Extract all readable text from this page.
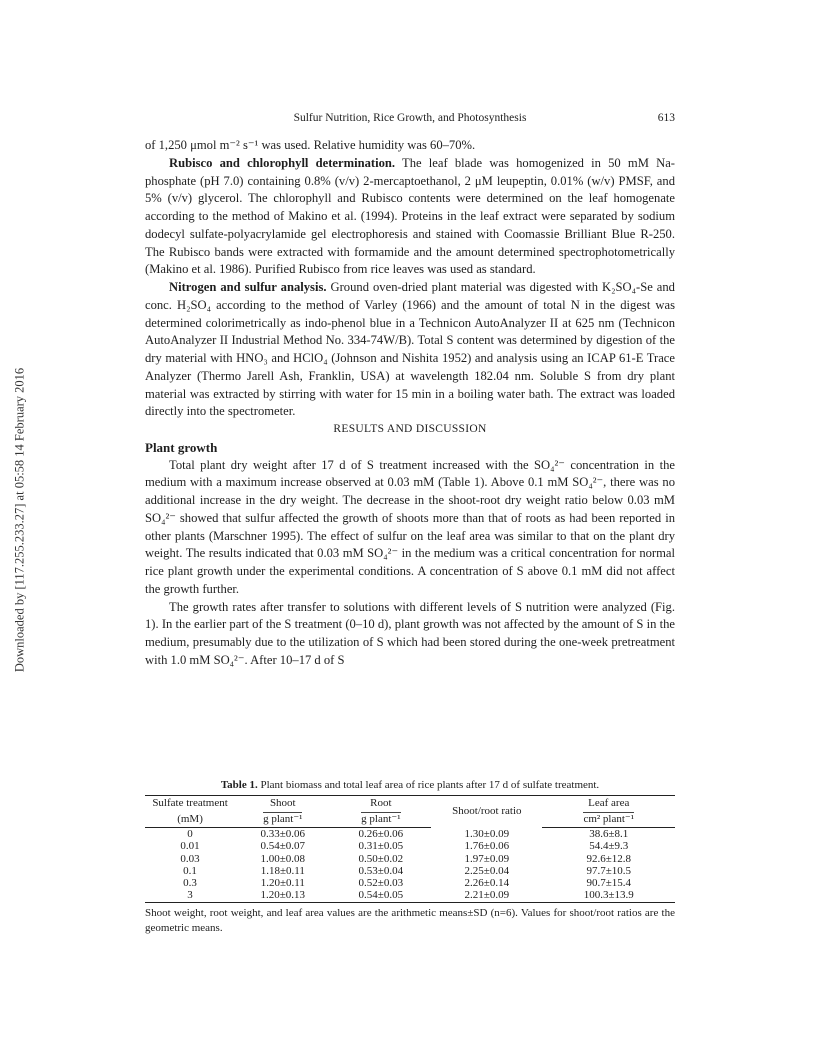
Downloaded by [117.255.233.27] at 05:58 14 February 2016
Sulfur Nutrition, Rice Growth, and Photosynthesis	613

of 1,250 μmol m⁻² s⁻¹ was used. Relative humidity was 60–70%.

Rubisco and chlorophyll determination. The leaf blade was homogenized in 50 mM Na-phosphate (pH 7.0) containing 0.8% (v/v) 2-mercaptoethanol, 2 μM leupeptin, 0.01% (w/v) PMSF, and 5% (v/v) glycerol. The chlorophyll and Rubisco contents were determined on the leaf homogenate according to the method of Makino et al. (1994). Proteins in the leaf extract were separated by sodium dodecyl sulfate-polyacrylamide gel electrophoresis and stained with Coomassie Brilliant Blue R-250. The Rubisco bands were extracted with formamide and the amount determined spectrophotometrically (Makino et al. 1986). Purified Rubisco from rice leaves was used as standard.

Nitrogen and sulfur analysis. Ground oven-dried plant material was digested with K₂SO₄-Se and conc. H₂SO₄ according to the method of Varley (1966) and the amount of total N in the digest was determined colorimetrically as indo-phenol blue in a Technicon AutoAnalyzer II at 625 nm (Technicon AutoAnalyzer II Industrial Method No. 334-74W/B). Total S content was determined by digestion of the dry material with HNO₃ and HClO₄ (Johnson and Nishita 1952) and analysis using an ICAP 61-E Trace Analyzer (Thermo Jarell Ash, Franklin, USA) at wavelength 182.04 nm. Soluble S from dry plant material was extracted by stirring with water for 15 min in a boiling water bath. The extract was loaded directly into the spectrometer.

RESULTS AND DISCUSSION

Plant growth

Total plant dry weight after 17 d of S treatment increased with the SO₄²⁻ concentration in the medium with a maximum increase observed at 0.03 mM (Table 1). Above 0.1 mM SO₄²⁻, there was no additional increase in the dry weight. The decrease in the shoot-root dry weight ratio below 0.03 mM SO₄²⁻ showed that sulfur affected the growth of shoots more than that of roots as had been reported in other plants (Marschner 1995). The effect of sulfur on the leaf area was similar to that on the plant dry weight. The results indicated that 0.03 mM SO₄²⁻ in the medium was a critical concentration for normal rice plant growth under the experimental conditions. A concentration of S above 0.1 mM did not affect the growth further.

The growth rates after transfer to solutions with different levels of S nutrition were analyzed (Fig. 1). In the earlier part of the S treatment (0–10 d), plant growth was not affected by the amount of S in the medium, presumably due to the utilization of S which had been stored during the one-week pretreatment with 1.0 mM SO₄²⁻. After 10–17 d of S

Table 1. Plant biomass and total leaf area of rice plants after 17 d of sulfate treatment.
Sulfate treatment	Shoot	Root	Shoot/root ratio	Leaf area
(mM)	g plant⁻¹	g plant⁻¹		cm² plant⁻¹
0	0.33±0.06	0.26±0.06	1.30±0.09	38.6±8.1
0.01	0.54±0.07	0.31±0.05	1.76±0.06	54.4±9.3
0.03	1.00±0.08	0.50±0.02	1.97±0.09	92.6±12.8
0.1	1.18±0.11	0.53±0.04	2.25±0.04	97.7±10.5
0.3	1.20±0.11	0.52±0.03	2.26±0.14	90.7±15.4
3	1.20±0.13	0.54±0.05	2.21±0.09	100.3±13.9
Shoot weight, root weight, and leaf area values are the arithmetic means±SD (n=6). Values for shoot/root ratios are the geometric means.
